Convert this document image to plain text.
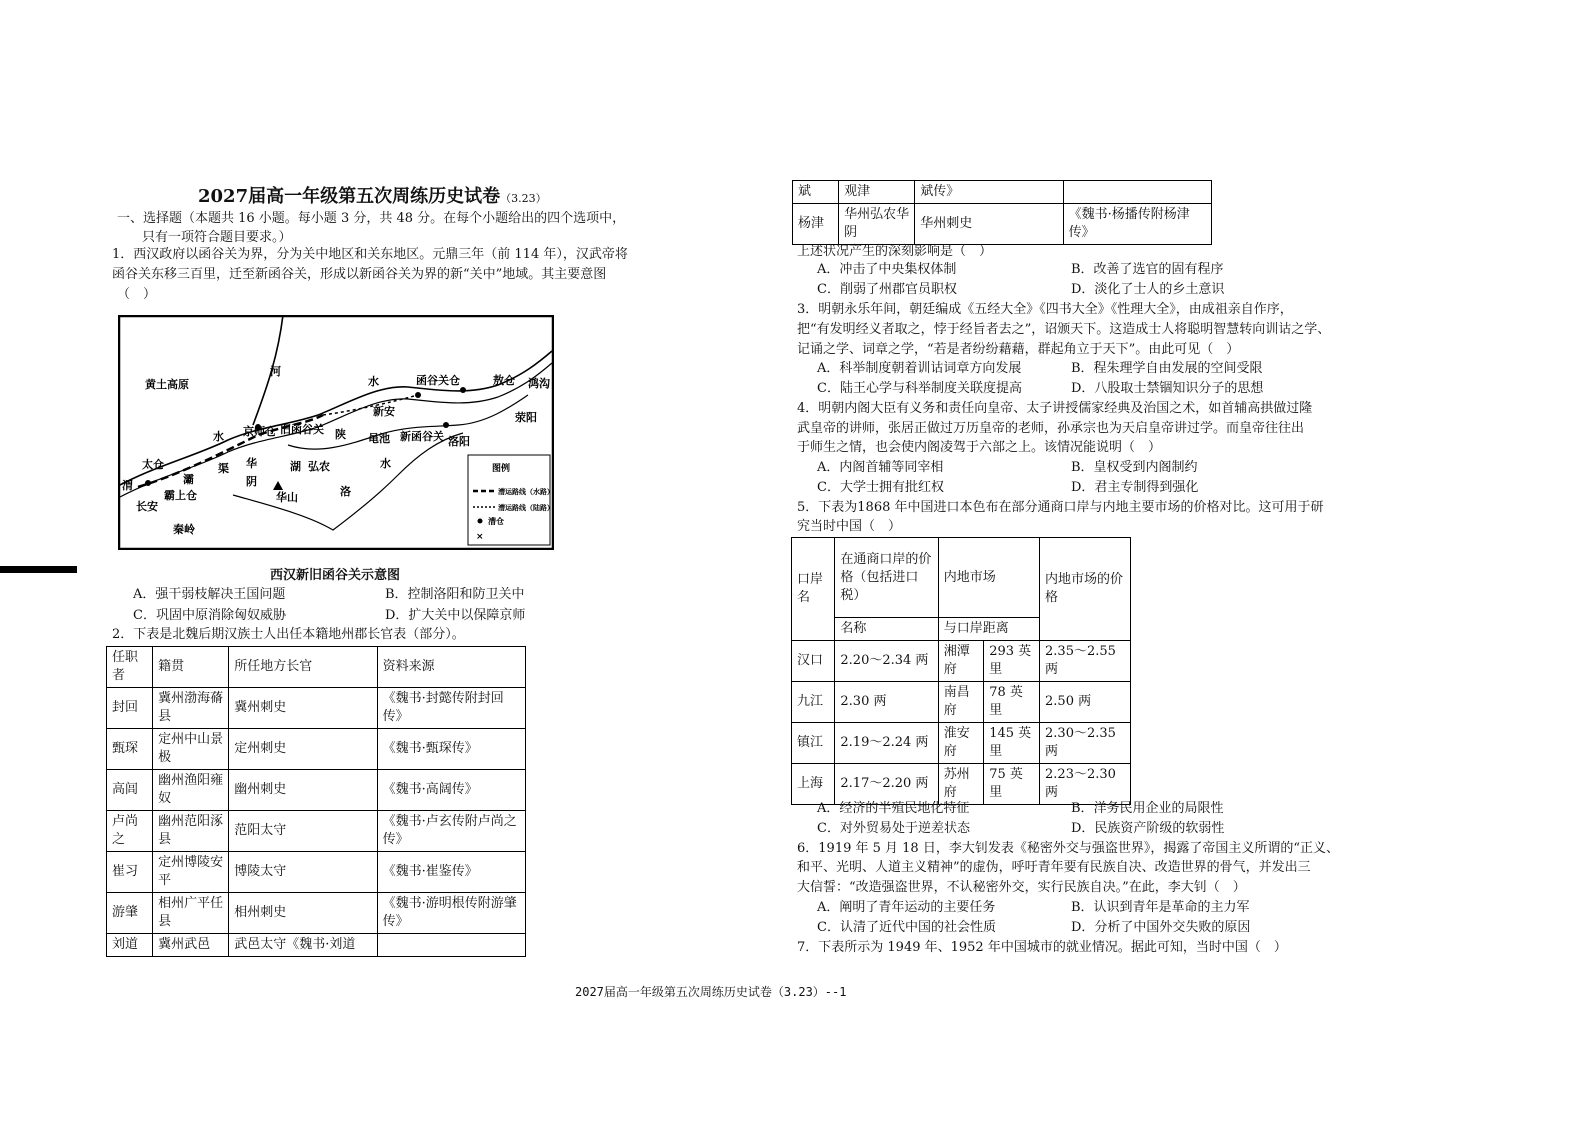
2027届高一年级第五次周练历史试卷（3.23）
一、选择题（本题共 16 小题。每小题 3 分，共 48 分。在每个小题给出的四个选项中，
只有一项符合题目要求。）
1．西汉政府以函谷关为界，分为关中地区和关东地区。元鼎三年（前 114 年），汉武帝将
函谷关东移三百里，迁至新函谷关，形成以新函谷关为界的新“关中”地域。其主要意图
（　）
黄土高原
河
水	函谷关仓	敖仓 鸿沟
荥阳
水 京师仓 旧函谷关 陕
新安
黾池 新函谷关 洛阳
太仓
渭
渠 华
阴
湖 弘农	水
洛
灞
霸上仓
长安
华山
秦岭
图例
漕运路线（水路）
漕运路线（陆路）
漕仓
×
西汉新旧函谷关示意图
A．强干弱枝解决王国问题	B．控制洛阳和防卫关中
C．巩固中原消除匈奴威胁	D．扩大关中以保障京师
2．下表是北魏后期汉族士人出任本籍地州郡长官表（部分）。
任职者	籍贯	所任地方长官	资料来源
封回	冀州渤海蓨县	冀州刺史	《魏书·封懿传附封回传》
甄琛	定州中山景极	定州刺史	《魏书·甄琛传》
高闾	幽州渔阳雍奴	幽州刺史	《魏书·高阔传》
卢尚之	幽州范阳涿县	范阳太守	《魏书·卢玄传附卢尚之传》
崔习	定州博陵安平	博陵太守	《魏书·崔鉴传》
游肇	相州广平任县	相州刺史	《魏书·游明根传附游肇传》
刘道	冀州武邑	武邑太守《魏书·刘道	
斌	观津	斌传》	
杨津	华州弘农华阴	华州刺史	《魏书·杨播传附杨津传》
上述状况产生的深刻影响是（　）
A．冲击了中央集权体制	B．改善了选官的固有程序
C．削弱了州郡官员职权	D．淡化了士人的乡土意识
3．明朝永乐年间，朝廷编成《五经大全》《四书大全》《性理大全》，由成祖亲自作序，
把“有发明经义者取之，悖于经旨者去之”，诏颁天下。这造成士人将聪明智慧转向训诂之学、
记诵之学、词章之学，“若是者纷纷藉藉，群起角立于天下”。由此可见（　）
A．科举制度朝着训诂词章方向发展	B．程朱理学自由发展的空间受限
C．陆王心学与科举制度关联度提高	D．八股取士禁锢知识分子的思想
4．明朝内阁大臣有义务和责任向皇帝、太子讲授儒家经典及治国之术，如首辅高拱做过隆
武皇帝的讲师，张居正做过万历皇帝的老师，孙承宗也为天启皇帝讲过学。而皇帝往往出
于师生之情，也会使内阁凌驾于六部之上。该情况能说明（　）
A．内阁首辅等同宰相	B．皇权受到内阁制约
C．大学士拥有批红权	D．君主专制得到强化
5．下表为1868 年中国进口本色布在部分通商口岸与内地主要市场的价格对比。这可用于研
究当时中国（　）
口岸名	在通商口岸的价格（包括进口税）	内地市场		内地市场的价格
	名称	与口岸距离		
汉口	2.20～2.34 两	湘潭府	293 英里	2.35～2.55 两
九江	2.30 两	南昌府	78 英里	2.50 两
镇江	2.19～2.24 两	淮安府	145 英里	2.30～2.35 两
上海	2.17～2.20 两	苏州府	75 英里	2.23～2.30 两
A．经济的半殖民地化特征	B．洋务民用企业的局限性
C．对外贸易处于逆差状态	D．民族资产阶级的软弱性
6．1919 年 5 月 18 日，李大钊发表《秘密外交与强盗世界》，揭露了帝国主义所谓的“正义、
和平、光明、人道主义精神”的虚伪，呼吁青年要有民族自决、改造世界的骨气，并发出三
大信誓：“改造强盗世界，不认秘密外交，实行民族自决。”在此，李大钊（　）
A．阐明了青年运动的主要任务	B．认识到青年是革命的主力军
C．认清了近代中国的社会性质	D．分析了中国外交失败的原因
7．下表所示为 1949 年、1952 年中国城市的就业情况。据此可知，当时中国（　）
2027届高一年级第五次周练历史试卷（3.23）--1
